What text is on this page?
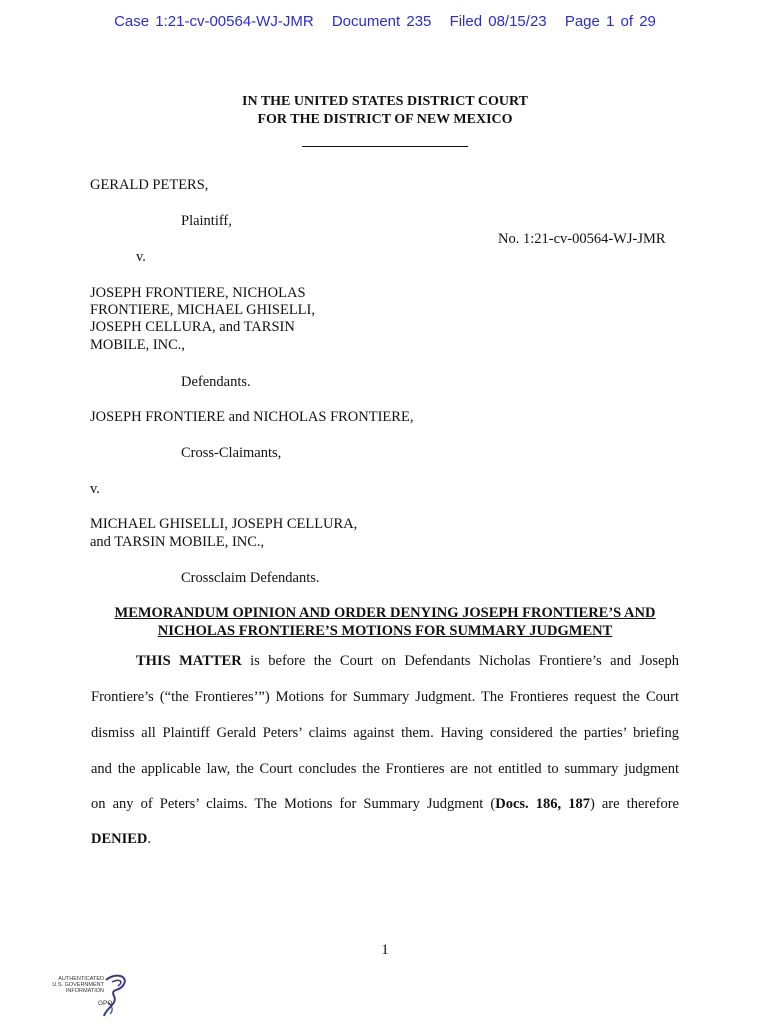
Case 1:21-cv-00564-WJ-JMR Document 235 Filed 08/15/23 Page 1 of 29
IN THE UNITED STATES DISTRICT COURT
FOR THE DISTRICT OF NEW MEXICO
GERALD PETERS,
Plaintiff,
No. 1:21-cv-00564-WJ-JMR
v.
JOSEPH FRONTIERE, NICHOLAS
FRONTIERE, MICHAEL GHISELLI,
JOSEPH CELLURA, and TARSIN
MOBILE, INC.,
Defendants.
JOSEPH FRONTIERE and NICHOLAS FRONTIERE,
Cross-Claimants,
v.
MICHAEL GHISELLI, JOSEPH CELLURA,
and TARSIN MOBILE, INC.,
Crossclaim Defendants.
MEMORANDUM OPINION AND ORDER DENYING JOSEPH FRONTIERE’S AND
NICHOLAS FRONTIERE’S MOTIONS FOR SUMMARY JUDGMENT
THIS MATTER is before the Court on Defendants Nicholas Frontiere’s and Joseph
Frontiere’s (“the Frontieres’”) Motions for Summary Judgment. The Frontieres request the Court
dismiss all Plaintiff Gerald Peters’ claims against them. Having considered the parties’ briefing
and the applicable law, the Court concludes the Frontieres are not entitled to summary judgment
on any of Peters’ claims. The Motions for Summary Judgment (Docs. 186, 187) are therefore
DENIED.
1
AUTHENTICATED
U.S. GOVERNMENT
INFORMATION
GPO
